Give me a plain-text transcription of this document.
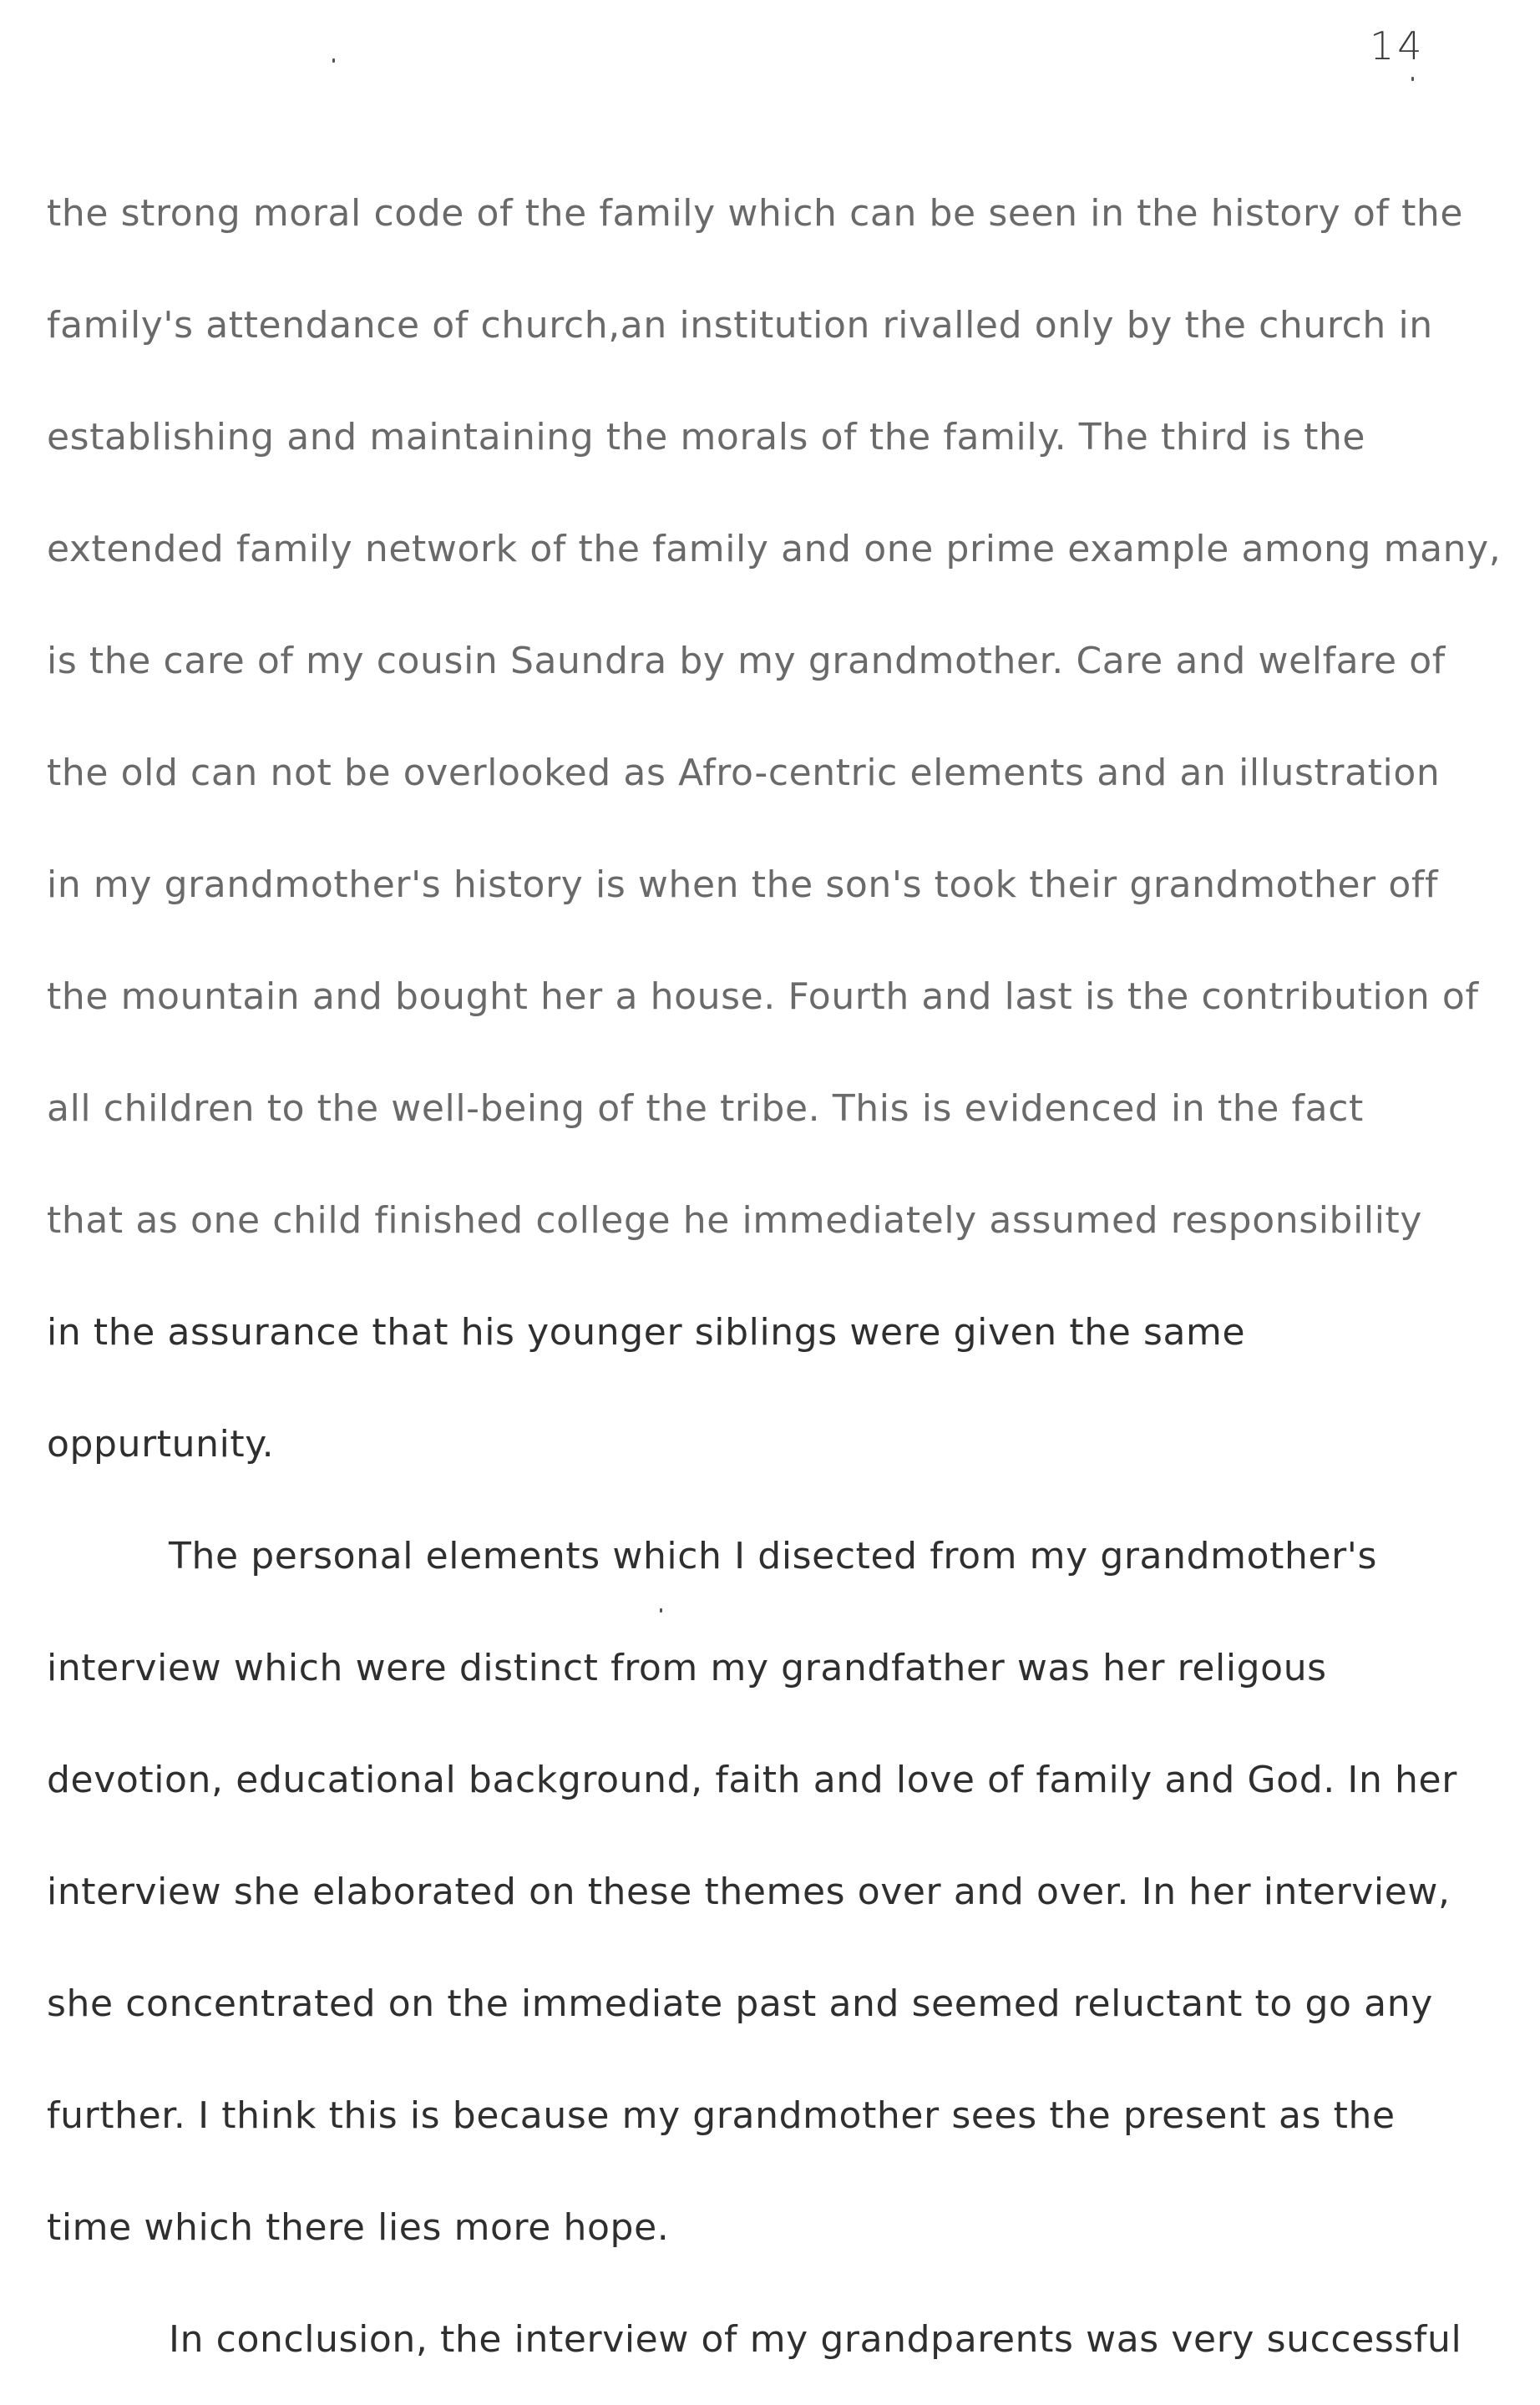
14
the strong moral code of the family which can be seen in the history of the
family's attendance of church,an institution rivalled only by the church in
establishing and maintaining the morals of the family. The third is the
extended family network of the family and one prime example among many,
is the care of my cousin Saundra by my grandmother. Care and welfare of
the old can not be overlooked as Afro-centric elements and an illustration
in my grandmother's history is when the son's took their grandmother off
the mountain and bought her a house. Fourth and last is the contribution of
all children to the well-being of the tribe. This is evidenced in the fact
that as one child finished college he immediately assumed responsibility
in the assurance that his younger siblings were given the same
oppurtunity.
The personal elements which I disected from my grandmother's
interview which were distinct from my grandfather was her religous
devotion, educational background, faith and love of family and God. In her
interview she elaborated on these themes over and over. In her interview,
she concentrated on the immediate past and seemed reluctant to go any
further. I think this is because my grandmother sees the present as the
time which there lies more hope.
In conclusion, the interview of my grandparents was very successful
